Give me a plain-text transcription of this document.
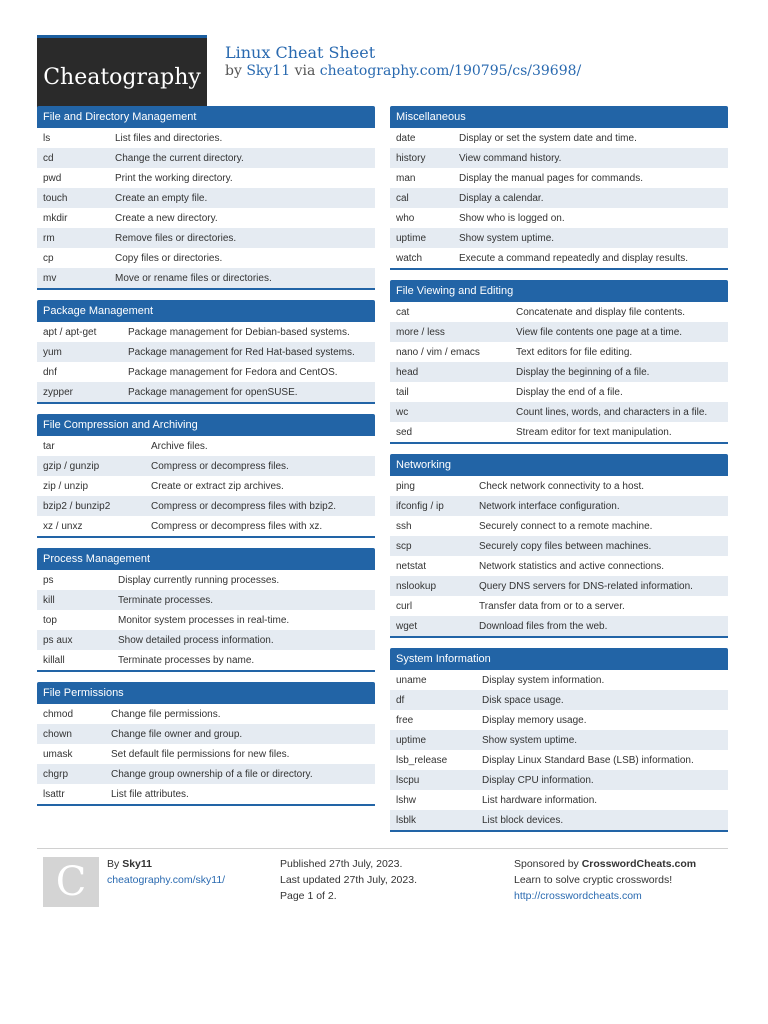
Cheatography
Linux Cheat Sheet
by Sky11 via cheatography.com/190795/cs/39698/
File and Directory Management
ls	List files and directories.
cd	Change the current directory.
pwd	Print the working directory.
touch	Create an empty file.
mkdir	Create a new directory.
rm	Remove files or directories.
cp	Copy files or directories.
mv	Move or rename files or directories.
Package Management
apt / apt-get	Package management for Debian-based systems.
yum	Package management for Red Hat-based systems.
dnf	Package management for Fedora and CentOS.
zypper	Package management for openSUSE.
File Compression and Archiving
tar	Archive files.
gzip / gunzip	Compress or decompress files.
zip / unzip	Create or extract zip archives.
bzip2 / bunzip2	Compress or decompress files with bzip2.
xz / unxz	Compress or decompress files with xz.
Process Management
ps	Display currently running processes.
kill	Terminate processes.
top	Monitor system processes in real-time.
ps aux	Show detailed process information.
killall	Terminate processes by name.
File Permissions
chmod	Change file permissions.
chown	Change file owner and group.
umask	Set default file permissions for new files.
chgrp	Change group ownership of a file or directory.
lsattr	List file attributes.
Miscellaneous
date	Display or set the system date and time.
history	View command history.
man	Display the manual pages for commands.
cal	Display a calendar.
who	Show who is logged on.
uptime	Show system uptime.
watch	Execute a command repeatedly and display results.
File Viewing and Editing
cat	Concatenate and display file contents.
more / less	View file contents one page at a time.
nano / vim / emacs	Text editors for file editing.
head	Display the beginning of a file.
tail	Display the end of a file.
wc	Count lines, words, and characters in a file.
sed	Stream editor for text manipulation.
Networking
ping	Check network connectivity to a host.
ifconfig / ip	Network interface configuration.
ssh	Securely connect to a remote machine.
scp	Securely copy files between machines.
netstat	Network statistics and active connections.
nslookup	Query DNS servers for DNS-related information.
curl	Transfer data from or to a server.
wget	Download files from the web.
System Information
uname	Display system information.
df	Disk space usage.
free	Display memory usage.
uptime	Show system uptime.
lsb_release	Display Linux Standard Base (LSB) information.
lscpu	Display CPU information.
lshw	List hardware information.
lsblk	List block devices.
C	By Sky11
cheatography.com/sky11/
Published 27th July, 2023.
Last updated 27th July, 2023.
Page 1 of 2.
Sponsored by CrosswordCheats.com
Learn to solve cryptic crosswords!
http://crosswordcheats.com
